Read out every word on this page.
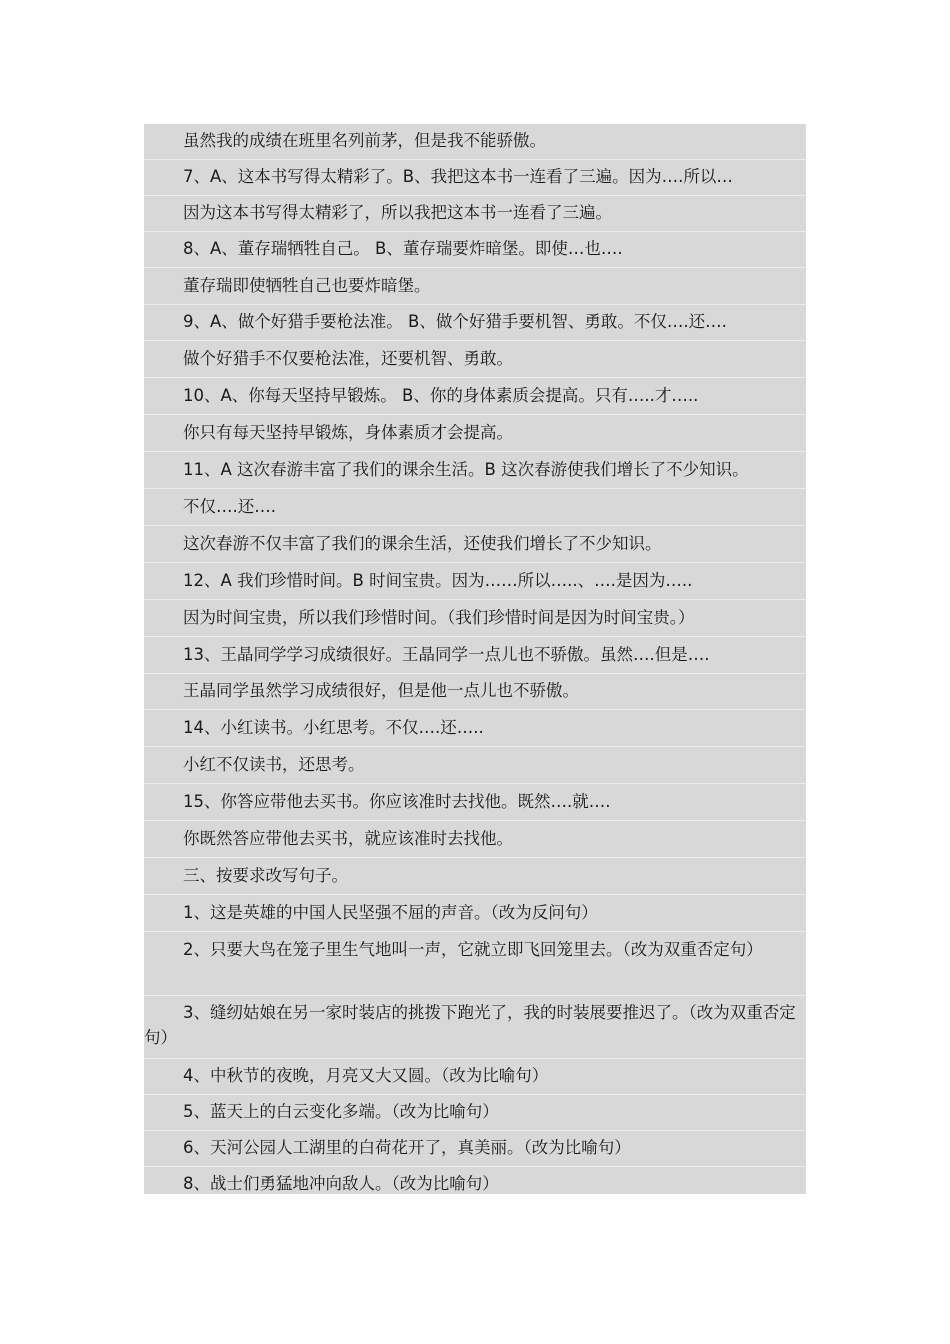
虽然我的成绩在班里名列前茅，但是我不能骄傲。
7、A、这本书写得太精彩了。B、我把这本书一连看了三遍。因为….所以…
因为这本书写得太精彩了，所以我把这本书一连看了三遍。
8、A、董存瑞牺牲自己。 B、董存瑞要炸暗堡。即使…也….
董存瑞即使牺牲自己也要炸暗堡。
9、A、做个好猎手要枪法准。 B、做个好猎手要机智、勇敢。不仅….还….
做个好猎手不仅要枪法准，还要机智、勇敢。
10、A、你每天坚持早锻炼。 B、你的身体素质会提高。只有…..才…..
你只有每天坚持早锻炼，身体素质才会提高。
11、A 这次春游丰富了我们的课余生活。B 这次春游使我们增长了不少知识。
不仅….还….
这次春游不仅丰富了我们的课余生活，还使我们增长了不少知识。
12、A 我们珍惜时间。B 时间宝贵。因为……所以…..、….是因为…..
因为时间宝贵，所以我们珍惜时间。（我们珍惜时间是因为时间宝贵。）
13、王晶同学学习成绩很好。王晶同学一点儿也不骄傲。虽然….但是….
王晶同学虽然学习成绩很好，但是他一点儿也不骄傲。
14、小红读书。小红思考。不仅….还…..
小红不仅读书，还思考。
15、你答应带他去买书。你应该准时去找他。既然….就….
你既然答应带他去买书，就应该准时去找他。
三、按要求改写句子。
1、这是英雄的中国人民坚强不屈的声音。（改为反问句）
2、只要大鸟在笼子里生气地叫一声，它就立即飞回笼里去。（改为双重否定句）
3、缝纫姑娘在另一家时装店的挑拨下跑光了，我的时装展要推迟了。（改为双重否定句）
4、中秋节的夜晚，月亮又大又圆。（改为比喻句）
5、蓝天上的白云变化多端。（改为比喻句）
6、天河公园人工湖里的白荷花开了，真美丽。（改为比喻句）
8、战士们勇猛地冲向敌人。（改为比喻句）
